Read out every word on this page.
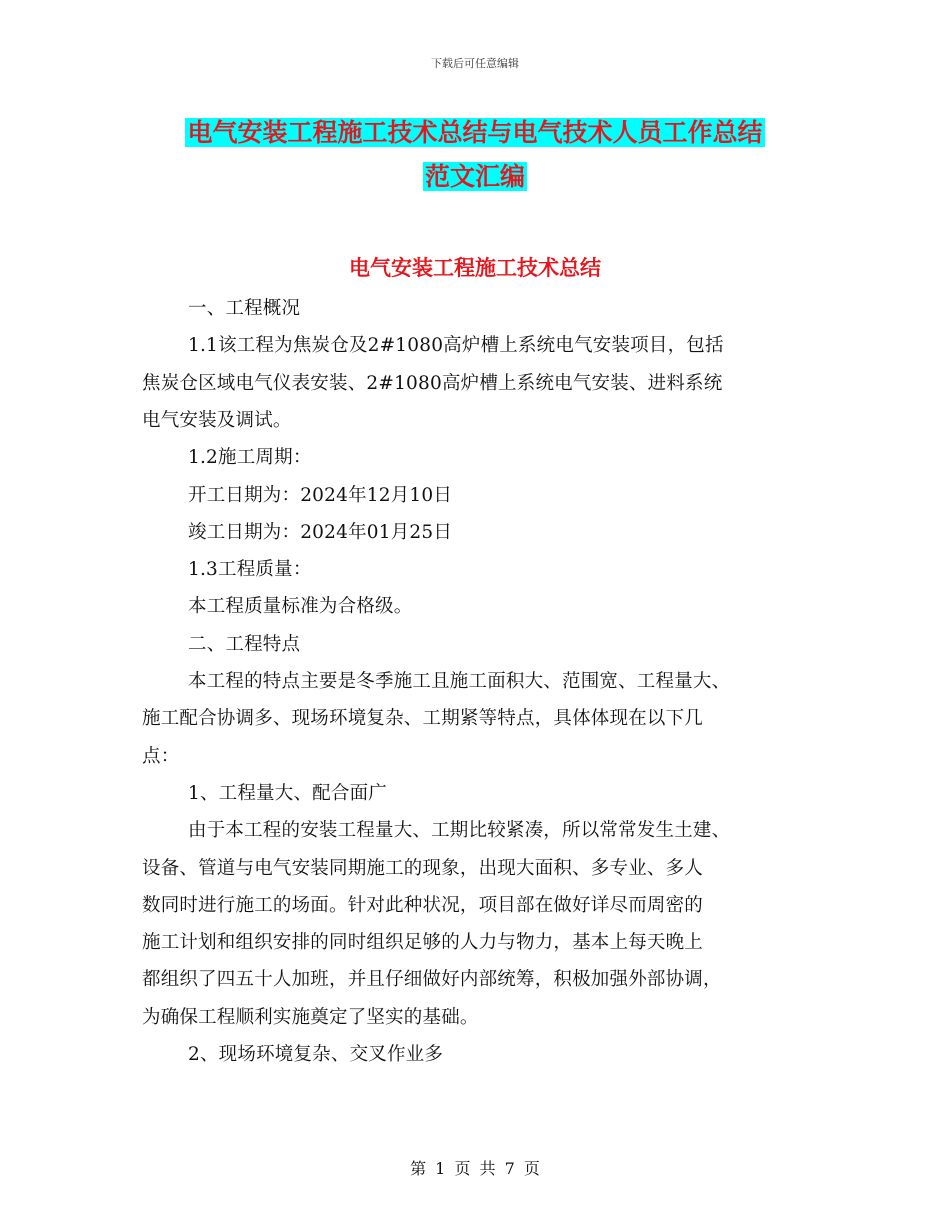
下载后可任意编辑
电气安装工程施工技术总结与电气技术人员工作总结
范文汇编
电气安装工程施工技术总结
一、工程概况
1.1该工程为焦炭仓及2#1080高炉槽上系统电气安装项目，包括
焦炭仓区域电气仪表安装、2#1080高炉槽上系统电气安装、进料系统
电气安装及调试。
1.2施工周期：
开工日期为：2024年12月10日
竣工日期为：2024年01月25日
1.3工程质量：
本工程质量标准为合格级。
二、工程特点
本工程的特点主要是冬季施工且施工面积大、范围宽、工程量大、
施工配合协调多、现场环境复杂、工期紧等特点，具体体现在以下几
点：
1、工程量大、配合面广
由于本工程的安装工程量大、工期比较紧凑，所以常常发生土建、
设备、管道与电气安装同期施工的现象，出现大面积、多专业、多人
数同时进行施工的场面。针对此种状况，项目部在做好详尽而周密的
施工计划和组织安排的同时组织足够的人力与物力，基本上每天晚上
都组织了四五十人加班，并且仔细做好内部统筹，积极加强外部协调，
为确保工程顺利实施奠定了坚实的基础。
2、现场环境复杂、交叉作业多
第 1 页 共 7 页
